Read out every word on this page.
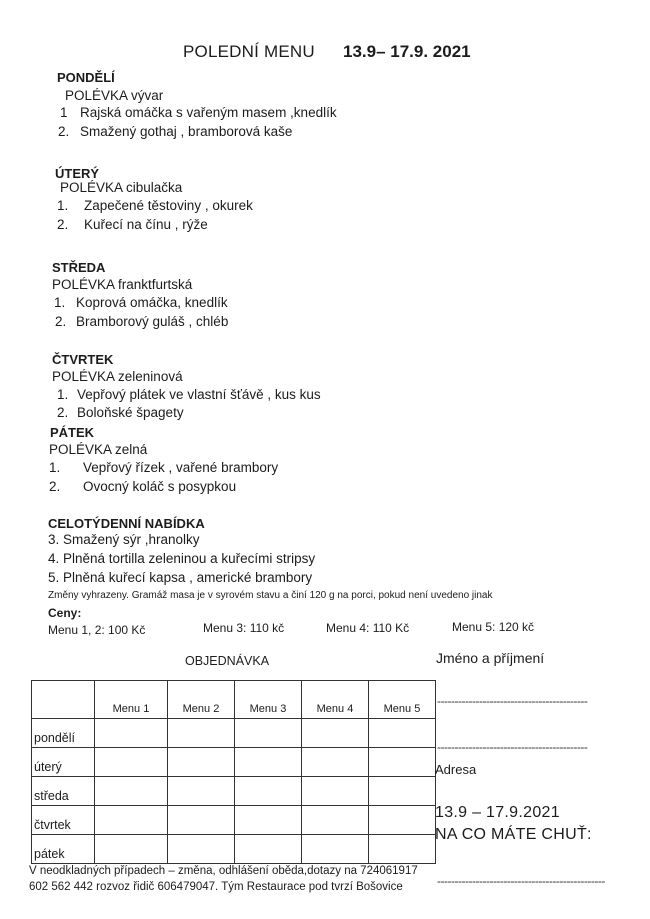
POLEDNÍ MENU 13.9– 17.9. 2021
PONDĚLÍ
POLÉVKA vývar
1 Rajská omáčka s vařeným masem ,knedlík
2. Smažený gothaj , bramborová kaše
ÚTERÝ
POLÉVKA cibulačka
1. Zapečené těstoviny , okurek
2. Kuřecí na čínu , rýže
STŘEDA
POLÉVKA franktfurtská
1. Koprová omáčka, knedlík
2. Bramborový guláš , chléb
ČTVRTEK
POLÉVKA zeleninová
1. Vepřový plátek ve vlastní šťávě , kus kus
2. Boloňské špagety
PÁTEK
POLÉVKA zelná
1. Vepřový řízek , vařené brambory
2. Ovocný koláč s posypkou
CELOTÝDENNÍ NABÍDKA
3. Smažený sýr ,hranolky
4. Plněná tortilla zeleninou a kuřecími stripsy
5. Plněná kuřecí kapsa , americké brambory
Změny vyhrazeny. Gramáž masa je v syrovém stavu a činí 120 g na porci, pokud není uvedeno jinak
Ceny:
Menu 1, 2: 100 Kč	Menu 3: 110 kč	Menu 4: 110 Kč	Menu 5: 120 kč
OBJEDNÁVKA
	Menu 1	Menu 2	Menu 3	Menu 4	Menu 5
pondělí					
úterý					
středa					
čtvrtek					
pátek					
Jméno a příjmení
-------------------------------------------
-------------------------------------------
Adresa
13.9 – 17.9.2021
NA CO MÁTE CHUŤ:
------------------------------------------------
V neodkladných případech – změna, odhlášení oběda,dotazy na 724061917
602 562 442 rozvoz řidič 606479047. Tým Restaurace pod tvrzí Bošovice
